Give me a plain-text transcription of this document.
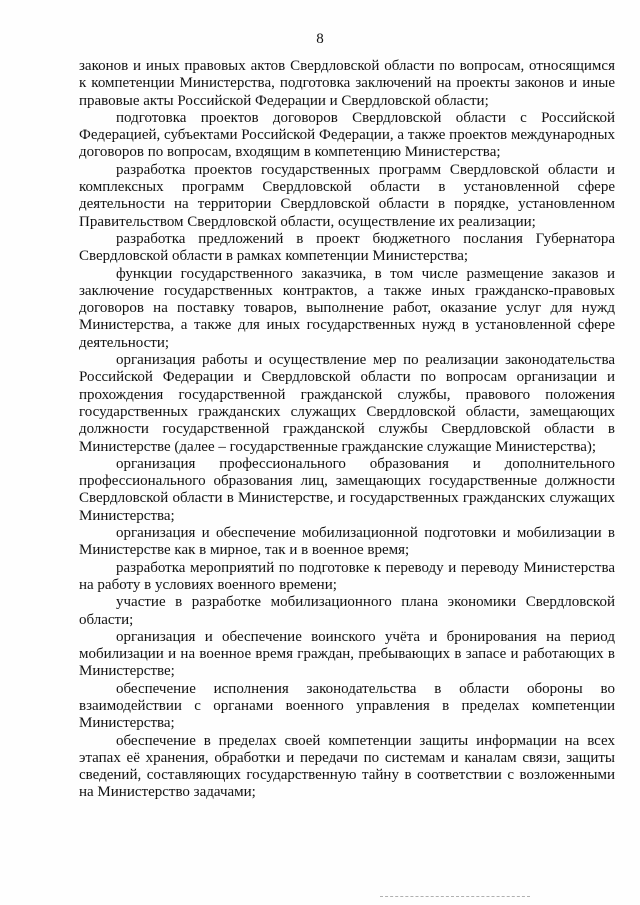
8

законов и иных правовых актов Свердловской области по вопросам, относящимся к компетенции Министерства, подготовка заключений на проекты законов и иные правовые акты Российской Федерации и Свердловской области;

подготовка проектов договоров Свердловской области с Российской Федерацией, субъектами Российской Федерации, а также проектов международных договоров по вопросам, входящим в компетенцию Министерства;

разработка проектов государственных программ Свердловской области и комплексных программ Свердловской области в установленной сфере деятельности на территории Свердловской области в порядке, установленном Правительством Свердловской области, осуществление их реализации;

разработка предложений в проект бюджетного послания Губернатора Свердловской области в рамках компетенции Министерства;

функции государственного заказчика, в том числе размещение заказов и заключение государственных контрактов, а также иных гражданско-правовых договоров на поставку товаров, выполнение работ, оказание услуг для нужд Министерства, а также для иных государственных нужд в установленной сфере деятельности;

организация работы и осуществление мер по реализации законодательства Российской Федерации и Свердловской области по вопросам организации и прохождения государственной гражданской службы, правового положения государственных гражданских служащих Свердловской области, замещающих должности государственной гражданской службы Свердловской области в Министерстве (далее – государственные гражданские служащие Министерства);

организация профессионального образования и дополнительного профессионального образования лиц, замещающих государственные должности Свердловской области в Министерстве, и государственных гражданских служащих Министерства;

организация и обеспечение мобилизационной подготовки и мобилизации в Министерстве как в мирное, так и в военное время;

разработка мероприятий по подготовке к переводу и переводу Министерства на работу в условиях военного времени;

участие в разработке мобилизационного плана экономики Свердловской области;

организация и обеспечение воинского учёта и бронирования на период мобилизации и на военное время граждан, пребывающих в запасе и работающих в Министерстве;

обеспечение исполнения законодательства в области обороны во взаимодействии с органами военного управления в пределах компетенции Министерства;

обеспечение в пределах своей компетенции защиты информации на всех этапах её хранения, обработки и передачи по системам и каналам связи, защиты сведений, составляющих государственную тайну в соответствии с возложенными на Министерство задачами;
